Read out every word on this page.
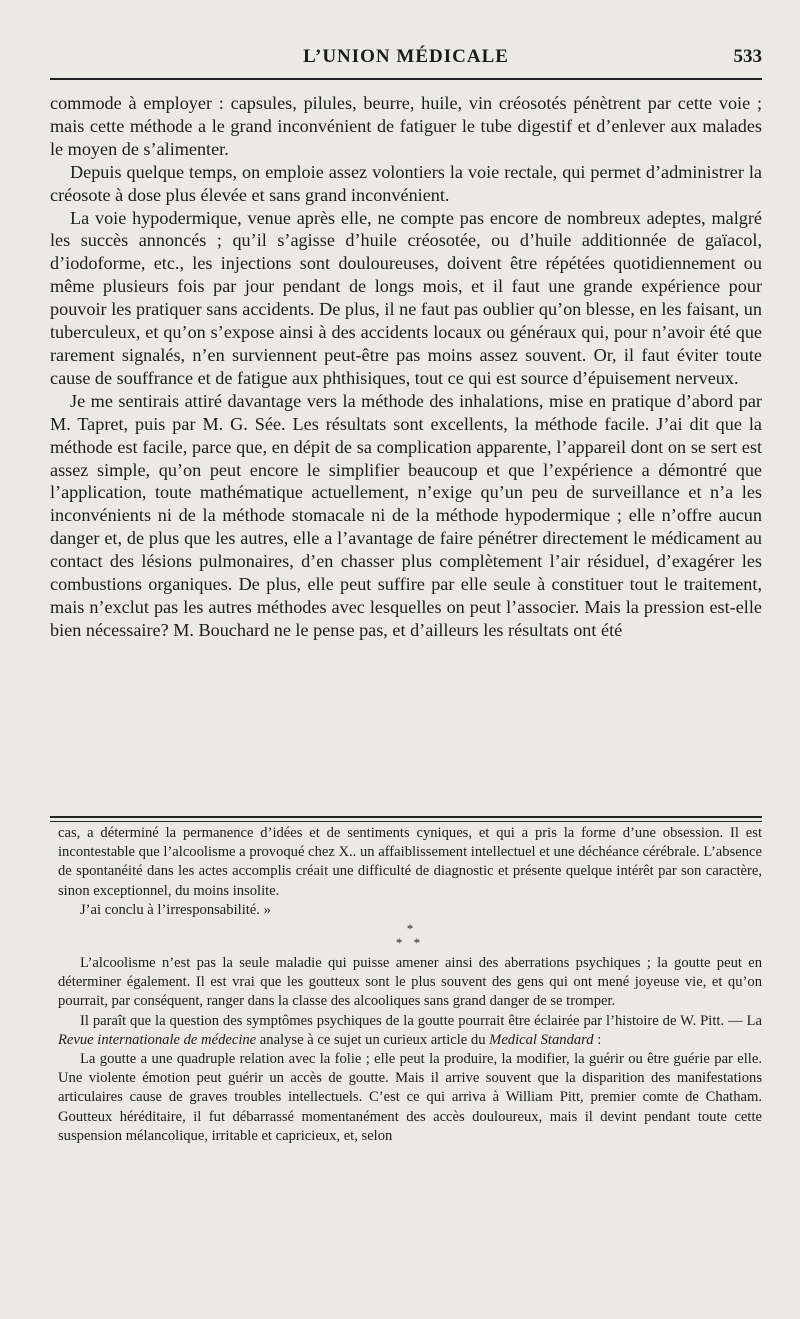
L’UNION MÉDICALE	533

commode à employer : capsules, pilules, beurre, huile, vin créosotés pénètrent par cette voie ; mais cette méthode a le grand inconvénient de fatiguer le tube digestif et d’enlever aux malades le moyen de s’alimenter.

Depuis quelque temps, on emploie assez volontiers la voie rectale, qui permet d’administrer la créosote à dose plus élevée et sans grand inconvénient.

La voie hypodermique, venue après elle, ne compte pas encore de nombreux adeptes, malgré les succès annoncés ; qu’il s’agisse d’huile créosotée, ou d’huile additionnée de gaïacol, d’iodoforme, etc., les injections sont douloureuses, doivent être répétées quotidiennement ou même plusieurs fois par jour pendant de longs mois, et il faut une grande expérience pour pouvoir les pratiquer sans accidents. De plus, il ne faut pas oublier qu’on blesse, en les faisant, un tuberculeux, et qu’on s’expose ainsi à des accidents locaux ou généraux qui, pour n’avoir été que rarement signalés, n’en surviennent peut-être pas moins assez souvent. Or, il faut éviter toute cause de souffrance et de fatigue aux phthisiques, tout ce qui est source d’épuisement nerveux.

Je me sentirais attiré davantage vers la méthode des inhalations, mise en pratique d’abord par M. Tapret, puis par M. G. Sée. Les résultats sont excellents, la méthode facile. J’ai dit que la méthode est facile, parce que, en dépit de sa complication apparente, l’appareil dont on se sert est assez simple, qu’on peut encore le simplifier beaucoup et que l’expérience a démontré que l’application, toute mathématique actuellement, n’exige qu’un peu de surveillance et n’a les inconvénients ni de la méthode stomacale ni de la méthode hypodermique ; elle n’offre aucun danger et, de plus que les autres, elle a l’avantage de faire pénétrer directement le médicament au contact des lésions pulmonaires, d’en chasser plus complètement l’air résiduel, d’exagérer les combustions organiques. De plus, elle peut suffire par elle seule à constituer tout le traitement, mais n’exclut pas les autres méthodes avec lesquelles on peut l’associer. Mais la pression est-elle bien nécessaire? M. Bouchard ne le pense pas, et d’ailleurs les résultats ont été

cas, a déterminé la permanence d’idées et de sentiments cyniques, et qui a pris la forme d’une obsession. Il est incontestable que l’alcoolisme a provoqué chez X.. un affaiblissement intellectuel et une déchéance cérébrale. L’absence de spontanéité dans les actes accomplis créait une difficulté de diagnostic et présente quelque intérêt par son caractère, sinon exceptionnel, du moins insolite.

J’ai conclu à l’irresponsabilité. »

*
* *

L’alcoolisme n’est pas la seule maladie qui puisse amener ainsi des aberrations psychiques ; la goutte peut en déterminer également. Il est vrai que les goutteux sont le plus souvent des gens qui ont mené joyeuse vie, et qu’on pourrait, par conséquent, ranger dans la classe des alcooliques sans grand danger de se tromper.

Il paraît que la question des symptômes psychiques de la goutte pourrait être éclairée par l’histoire de W. Pitt. — La Revue internationale de médecine analyse à ce sujet un curieux article du Medical Standard :

La goutte a une quadruple relation avec la folie ; elle peut la produire, la modifier, la guérir ou être guérie par elle. Une violente émotion peut guérir un accès de goutte. Mais il arrive souvent que la disparition des manifestations articulaires cause de graves troubles intellectuels. C’est ce qui arriva à William Pitt, premier comte de Chatham. Goutteux héréditaire, il fut débarrassé momentanément des accès douloureux, mais il devint pendant toute cette suspension mélancolique, irritable et capricieux, et, selon
